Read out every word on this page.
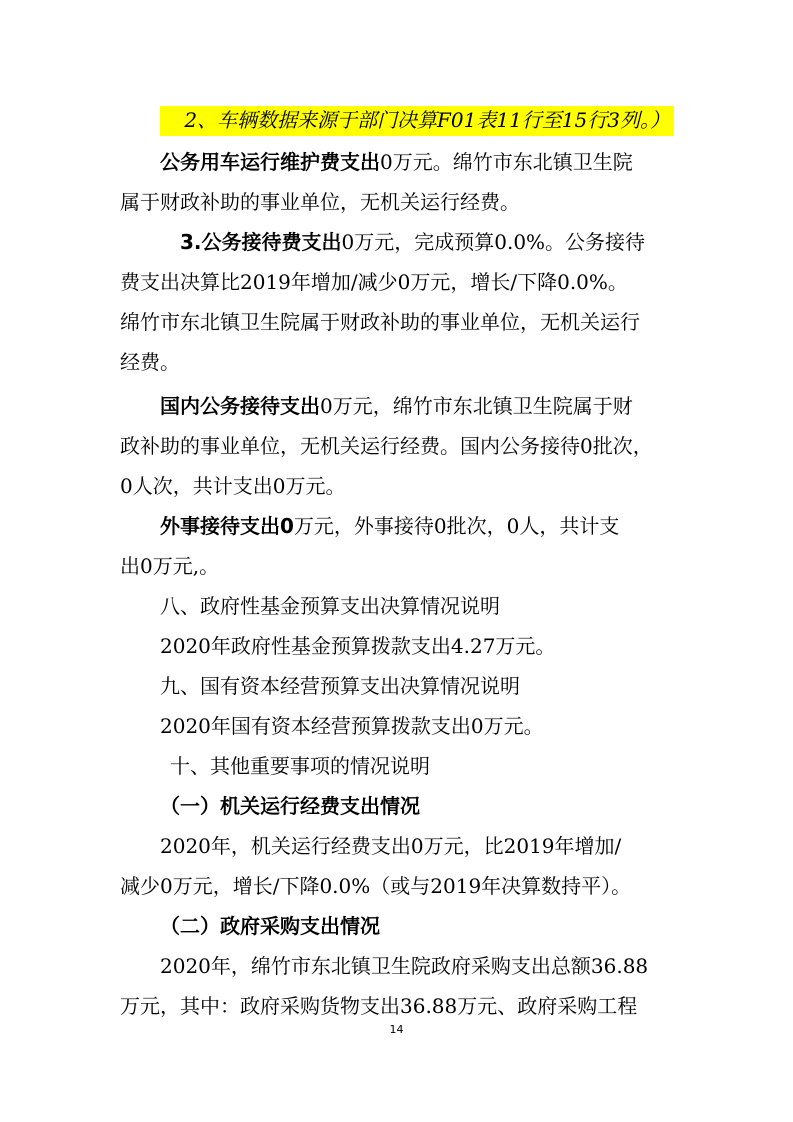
2、车辆数据来源于部门决算F01表11行至15行3列。）
公务用车运行维护费支出0万元。绵竹市东北镇卫生院
属于财政补助的事业单位，无机关运行经费。
3.公务接待费支出0万元，完成预算0.0%。公务接待
费支出决算比2019年增加/减少0万元，增长/下降0.0%。
绵竹市东北镇卫生院属于财政补助的事业单位，无机关运行
经费。
国内公务接待支出0万元，绵竹市东北镇卫生院属于财
政补助的事业单位，无机关运行经费。国内公务接待0批次，
0人次，共计支出0万元。
外事接待支出0万元，外事接待0批次，0人，共计支
出0万元,。
八、政府性基金预算支出决算情况说明
2020年政府性基金预算拨款支出4.27万元。
九、国有资本经营预算支出决算情况说明
2020年国有资本经营预算拨款支出0万元。
十、其他重要事项的情况说明
（一）机关运行经费支出情况
2020年，机关运行经费支出0万元，比2019年增加/
减少0万元，增长/下降0.0%（或与2019年决算数持平）。
（二）政府采购支出情况
2020年，绵竹市东北镇卫生院政府采购支出总额36.88
万元，其中：政府采购货物支出36.88万元、政府采购工程
14
